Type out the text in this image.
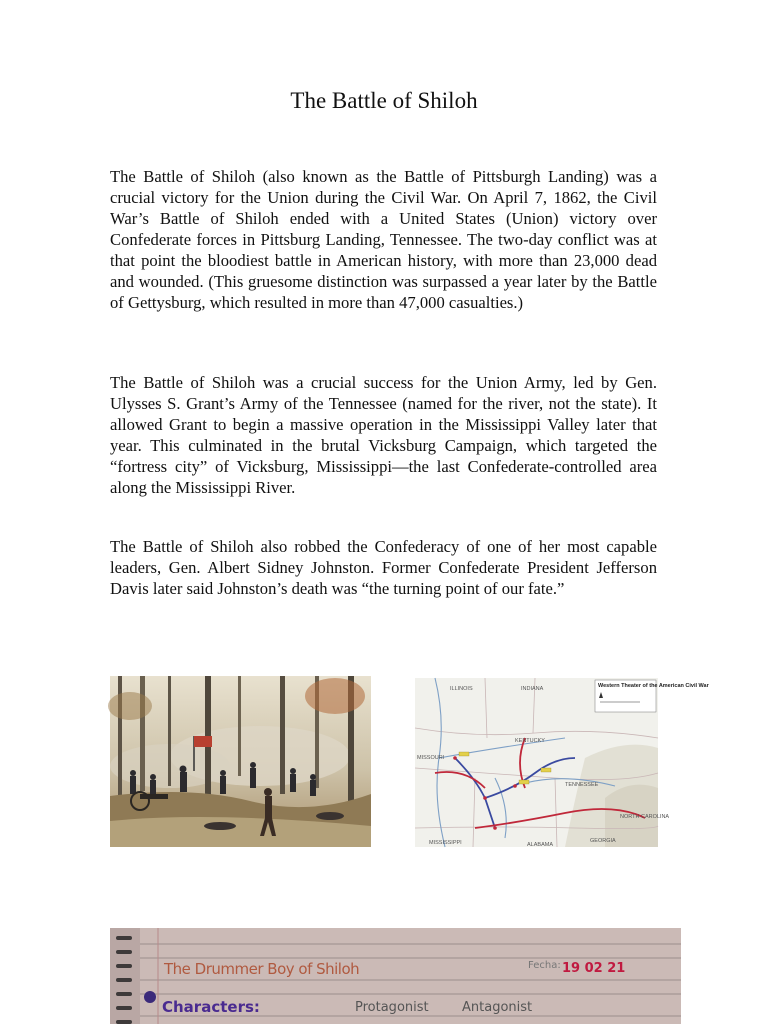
The Battle of Shiloh

The Battle of Shiloh (also known as the Battle of Pittsburgh Landing) was a crucial victory for the Union during the Civil War. On April 7, 1862, the Civil War’s Battle of Shiloh ended with a United States (Union) victory over Confederate forces in Pittsburg Landing, Tennessee. The two-day conflict was at that point the bloodiest battle in American history, with more than 23,000 dead and wounded. (This gruesome distinction was surpassed a year later by the Battle of Gettysburg, which resulted in more than 47,000 casualties.)

The Battle of Shiloh was a crucial success for the Union Army, led by Gen. Ulysses S. Grant’s Army of the Tennessee (named for the river, not the state). It allowed Grant to begin a massive operation in the Mississippi Valley later that year. This culminated in the brutal Vicksburg Campaign, which targeted the “fortress city” of Vicksburg, Mississippi—the last Confederate-controlled area along the Mississippi River.

The Battle of Shiloh also robbed the Confederacy of one of her most capable leaders, Gen. Albert Sidney Johnston. Former Confederate President Jefferson Davis later said Johnston’s death was “the turning point of our fate.”

Western Theater of the American Civil War
ILLINOIS	INDIANA
KENTUCKY
MISSOURI
TENNESSEE
MISSISSIPPI	ALABAMA
GEORGIA
NORTH CAROLINA
The Drummer Boy of Shiloh	Fecha: 19 02 21
Characters:	Protagonist	Antagonist
